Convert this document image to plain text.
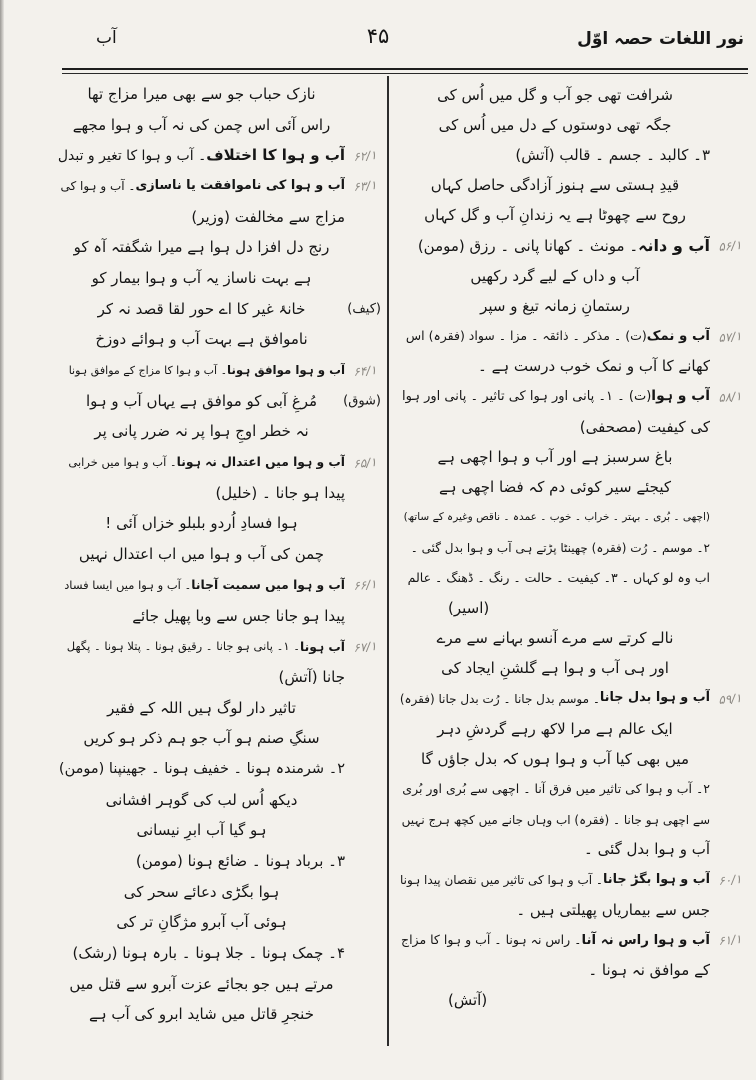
نور اللغات حصہ اوّل
۴۵
آب
شرافت تھی جو آب و گل میں اُس کی
جگہ تھی دوستوں کے دل میں اُس کی
۳۔ کالبد ۔ جسم ۔ قالب (آتش)
قیدِ ہستی سے ہنوز آزادگی حاصل کہاں
روح سے چھوٹا ہے یہ زندانِ آب و گل کہاں
۵۶/۱
آب و دانہ
۔ مونث ۔ کھانا پانی ۔ رزق (مومن)
آب و داں کے لیے گرد رکھیں
رستمانِ زمانہ تیغ و سپر
۵۷/۱
آب و نمک
(ت) ۔ مذکر ۔ ذائقہ ۔ مزا ۔ سواد (فقرہ) اس
کھانے کا آب و نمک خوب درست ہے ۔
۵۸/۱
آب و ہوا
(ت) ۔ ۱۔ پانی اور ہوا کی تاثیر ۔ پانی اور ہوا
کی کیفیت (مصحفی)
باغ سرسبز ہے اور آب و ہوا اچھی ہے
کیجئے سیر کوئی دم کہ فضا اچھی ہے
(اچھی ۔ بُری ۔ بہتر ۔ خراب ۔ خوب ۔ عمدہ ۔ ناقص وغیرہ کے ساتھ)
۲۔ موسم ۔ رُت (فقرہ) چھینٹا پڑتے ہی آب و ہوا بدل گئی ۔
اب وہ لو کہاں ۔ ۳۔ کیفیت ۔ حالت ۔ رنگ ۔ ڈھنگ ۔ عالم
(اسیر)
نالے کرتے سے مرے آنسو بہانے سے مرے
اور ہی آب و ہوا ہے گلشنِ ایجاد کی
۵۹/۱
آب و ہوا بدل جانا
۔ موسم بدل جانا ۔ رُت بدل جانا (فقرہ)
ایک عالم ہے مرا لاکھ رہے گردشِ دہر
میں بھی کیا آب و ہوا ہوں کہ بدل جاؤں گا
۲۔ آب و ہوا کی تاثیر میں فرق آنا ۔ اچھی سے بُری اور بُری
سے اچھی ہو جانا ۔ (فقرہ) اب وہاں جانے میں کچھ ہرج نہیں
آب و ہوا بدل گئی ۔
۶۰/۱
آب و ہوا بگڑ جانا
۔ آب و ہوا کی تاثیر میں نقصان پیدا ہونا
جس سے بیماریاں پھیلتی ہیں ۔
۶۱/۱
آب و ہوا راس نہ آنا
۔ راس نہ ہونا ۔ آب و ہوا کا مزاج
کے موافق نہ ہونا ۔
(آتش)
نازک حباب جو سے بھی میرا مزاج تھا
راس آئی اس چمن کی نہ آب و ہوا مجھے
۶۲/۱
آب و ہوا کا اختلاف
۔ آب و ہوا کا تغیر و تبدل
۶۳/۱
آب و ہوا کی ناموافقت یا ناسازی
۔ آب و ہوا کی
مزاج سے مخالفت (وزیر)
رنج دل افزا دل ہوا ہے میرا شگفتہ آہ کو
ہے بہت ناساز یہ آب و ہوا بیمار کو
(کیف)
خانۂ غیر کا اے حور لقا قصد نہ کر
ناموافق ہے بہت آب و ہوائے دوزخ
۶۴/۱
آب و ہوا موافق ہونا
۔ آب و ہوا کا مزاج کے موافق ہونا
(شوق)
مُرغِ آبی کو موافق ہے یہاں آب و ہوا
نہ خطر اوجِ ہوا پر نہ ضرر پانی پر
۶۵/۱
آب و ہوا میں اعتدال نہ ہونا
۔ آب و ہوا میں خرابی
پیدا ہو جانا ۔ (خلیل)
ہوا فسادِ اُردو بلبلو خزاں آئی !
چمن کی آب و ہوا میں اب اعتدال نہیں
۶۶/۱
آب و ہوا میں سمیت آجانا
۔ آب و ہوا میں ایسا فساد
پیدا ہو جانا جس سے وبا پھیل جائے
۶۷/۱
آب ہونا
۔ ۱۔ پانی ہو جانا ۔ رقیق ہونا ۔ پتلا ہونا ۔ پگھل
جانا (آتش)
تاثیر دار لوگ ہیں اللہ کے فقیر
سنگِ صنم ہو آب جو ہم ذکر ہو کریں
۲۔ شرمندہ ہونا ۔ خفیف ہونا ۔ جھینپنا (مومن)
دیکھ اُس لب کی گوہر افشانی
ہو گیا آب ابرِ نیسانی
۳۔ برباد ہونا ۔ ضائع ہونا (مومن)
ہوا بگڑی دعائے سحر کی
ہوئی آب آبرو مژگانِ تر کی
۴۔ چمک ہونا ۔ جلا ہونا ۔ بارہ ہونا (رشک)
مرتے ہیں جو بجائے عزت آبرو سے قتل میں
خنجرِ قاتل میں شاید ابرو کی آب ہے
